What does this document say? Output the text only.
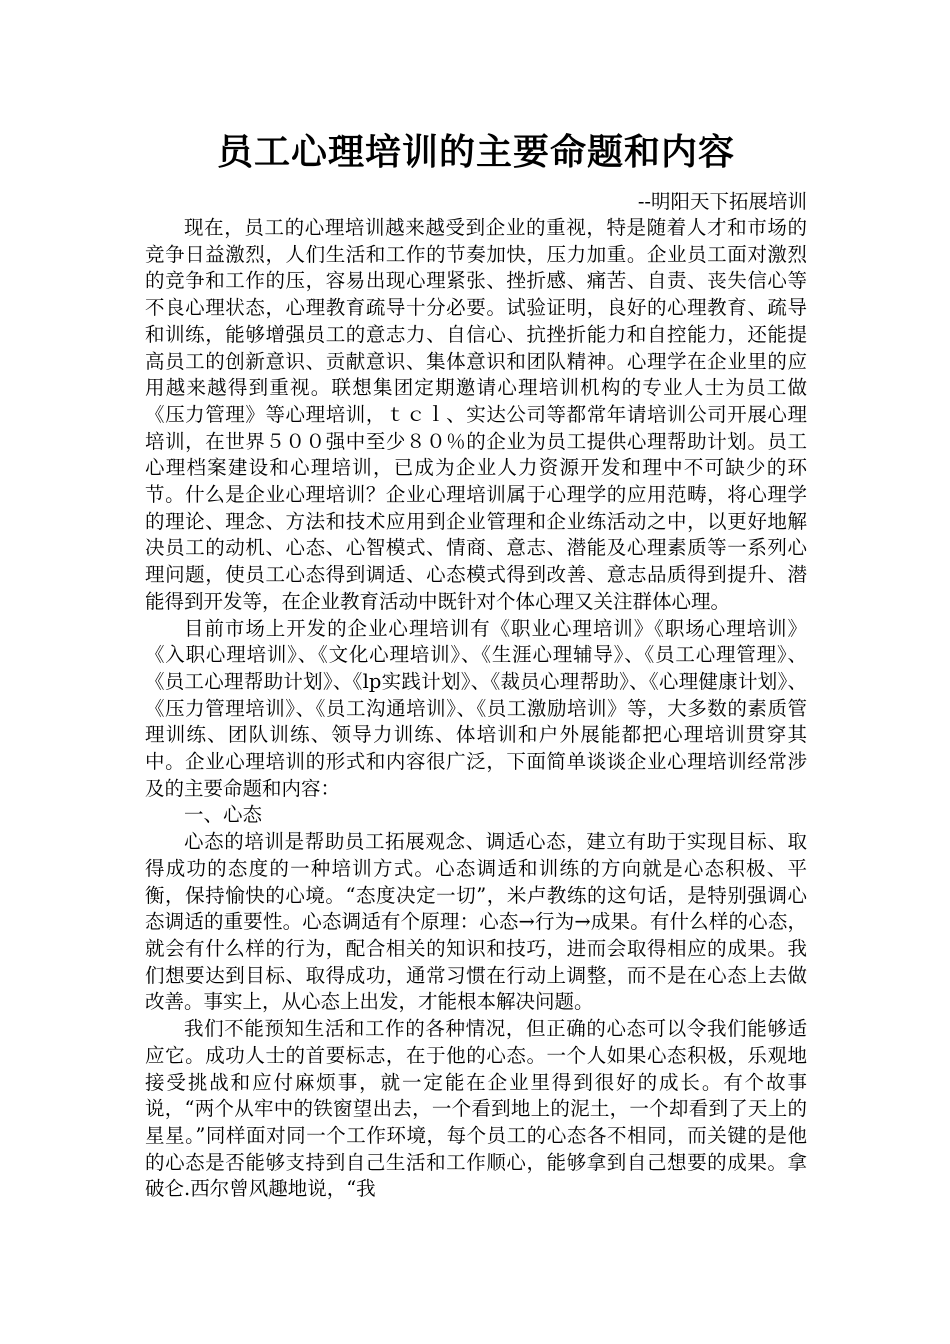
员工心理培训的主要命题和内容

--明阳天下拓展培训

现在，员工的心理培训越来越受到企业的重视，特是随着人才和市场的竞争日益激烈，人们生活和工作的节奏加快，压力加重。企业员工面对激烈的竞争和工作的压，容易出现心理紧张、挫折感、痛苦、自责、丧失信心等不良心理状态，心理教育疏导十分必要。试验证明，良好的心理教育、疏导和训练，能够增强员工的意志力、自信心、抗挫折能力和自控能力，还能提高员工的创新意识、贡献意识、集体意识和团队精神。心理学在企业里的应用越来越得到重视。联想集团定期邀请心理培训机构的专业人士为员工做《压力管理》等心理培训，ｔｃｌ、实达公司等都常年请培训公司开展心理培训，在世界５００强中至少８０％的企业为员工提供心理帮助计划。员工心理档案建设和心理培训，已成为企业人力资源开发和理中不可缺少的环节。什么是企业心理培训？企业心理培训属于心理学的应用范畴，将心理学的理论、理念、方法和技术应用到企业管理和企业练活动之中，以更好地解决员工的动机、心态、心智模式、情商、意志、潜能及心理素质等一系列心理问题，使员工心态得到调适、心态模式得到改善、意志品质得到提升、潜能得到开发等，在企业教育活动中既针对个体心理又关注群体心理。

目前市场上开发的企业心理培训有《职业心理培训》《职场心理培训》《入职心理培训》、《文化心理培训》、《生涯心理辅导》、《员工心理管理》、《员工心理帮助计划》、《lp实践计划》、《裁员心理帮助》、《心理健康计划》、《压力管理培训》、《员工沟通培训》、《员工激励培训》等，大多数的素质管理训练、团队训练、领导力训练、体培训和户外展能都把心理培训贯穿其中。企业心理培训的形式和内容很广泛，下面简单谈谈企业心理培训经常涉及的主要命题和内容：

一、心态

心态的培训是帮助员工拓展观念、调适心态，建立有助于实现目标、取得成功的态度的一种培训方式。心态调适和训练的方向就是心态积极、平衡，保持愉快的心境。“态度决定一切”，米卢教练的这句话，是特别强调心态调适的重要性。心态调适有个原理：心态→行为→成果。有什么样的心态，就会有什么样的行为，配合相关的知识和技巧，进而会取得相应的成果。我们想要达到目标、取得成功，通常习惯在行动上调整，而不是在心态上去做改善。事实上，从心态上出发，才能根本解决问题。

我们不能预知生活和工作的各种情况，但正确的心态可以令我们能够适应它。成功人士的首要标志，在于他的心态。一个人如果心态积极，乐观地接受挑战和应付麻烦事，就一定能在企业里得到很好的成长。有个故事说，“两个从牢中的铁窗望出去，一个看到地上的泥土，一个却看到了天上的星星。”同样面对同一个工作环境，每个员工的心态各不相同，而关键的是他的心态是否能够支持到自己生活和工作顺心，能够拿到自己想要的成果。拿破仑.西尔曾风趣地说，“我
